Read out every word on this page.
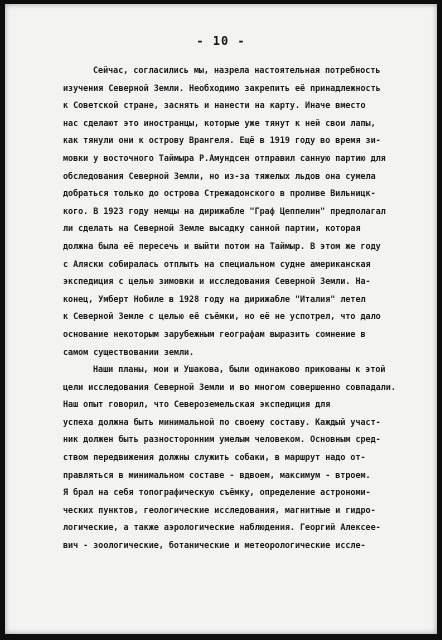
- 10 -
Сейчас, согласились мы, назрела настоятельная потребность
изучения Северной Земли. Необходимо закрепить её принадлежность
к Советской стране, заснять и нанести на карту. Иначе вместо
нас сделают это иностранцы, которые уже тянут к ней свои лапы,
как тянули они к острову Врангеля. Ещё в 1919 году во время зи-
мовки у восточного Таймыра Р.Амундсен отправил санную партию для
обследования Северной Земли, но из-за тяжелых льдов она сумела
добраться только до острова Стрежадонского в проливе Вильницк-
кого. В 1923 году немцы на дирижабле "Граф Цеппелин" предполагал
ли сделать на Северной Земле высадку санной партии, которая
должна была её пересечь и выйти потом на Таймыр. В этом же году
с Аляски собиралась отплыть на специальном судне американская
экспедиция с целью зимовки и исследования Северной Земли. На-
конец, Умберт Нобиле в 1928 году на дирижабле "Италия" летел
к Северной Земле с целью её съёмки, но её не успотрел, что дало
основание некоторым зарубежным географам выразить сомнение в
самом существовании земли.
Наши планы, мои и Ушакова, были одинаково прикованы к этой
цели исследования Северной Земли и во многом совершенно совпадали.
Наш опыт говорил, что Североземельская экспедиция для
успеха должна быть минимальной по своему составу. Каждый участ-
ник должен быть разносторонним умелым человеком. Основным сред-
ством передвижения должны служить собаки, в маршрут надо от-
правляться в минимальном составе - вдвоем, максимум - втроем.
Я брал на себя топографическую съёмку, определение астрономи-
ческих пунктов, геологические исследования, магнитные и гидро-
логические, а также аэрологические наблюдения. Георгий Алексее-
вич - зоологические, ботанические и метеорологические иссле-
